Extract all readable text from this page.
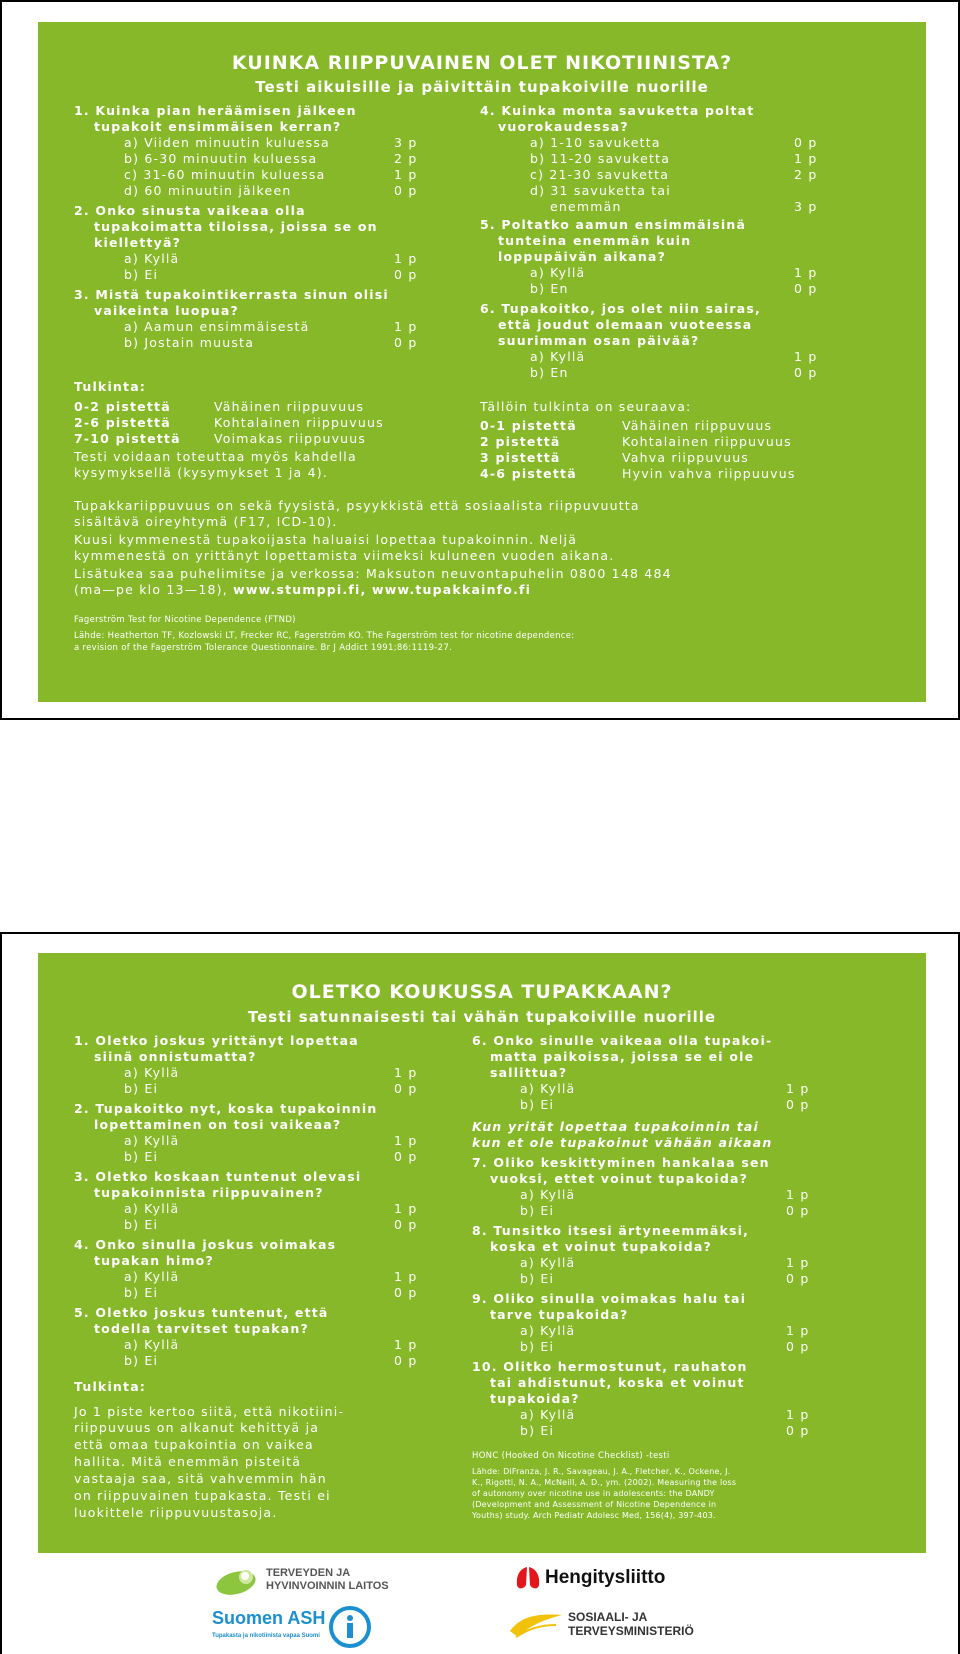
KUINKA RIIPPUVAINEN OLET NIKOTIINISTA?
Testi aikuisille ja päivittäin tupakoiville nuorille
1. Kuinka pian heräämisen jälkeen
tupakoit ensimmäisen kerran?
a) Viiden minuutin kuluessa	3 p
b) 6-30 minuutin kuluessa	2 p
c) 31-60 minuutin kuluessa	1 p
d) 60 minuutin jälkeen	0 p
2. Onko sinusta vaikeaa olla
tupakoimatta tiloissa, joissa se on
kiellettyä?
a) Kyllä	1 p
b) Ei	0 p
3. Mistä tupakointikerrasta sinun olisi
vaikeinta luopua?
a) Aamun ensimmäisestä	1 p
b) Jostain muusta	0 p
4. Kuinka monta savuketta poltat
vuorokaudessa?
a) 1-10 savuketta	0 p
b) 11-20 savuketta	1 p
c) 21-30 savuketta	2 p
d) 31 savuketta tai
enemmän	3 p
5. Poltatko aamun ensimmäisinä
tunteina enemmän kuin
loppupäivän aikana?
a) Kyllä	1 p
b) En	0 p
6. Tupakoitko, jos olet niin sairas,
että joudut olemaan vuoteessa
suurimman osan päivää?
a) Kyllä	1 p
b) En	0 p
Tulkinta:
0-2 pistettä	Vähäinen riippuvuus
2-6 pistettä	Kohtalainen riippuvuus
7-10 pistettä	Voimakas riippuvuus
Testi voidaan toteuttaa myös kahdella
kysymyksellä (kysymykset 1 ja 4).
Tällöin tulkinta on seuraava:
0-1 pistettä	Vähäinen riippuvuus
2 pistettä	Kohtalainen riippuvuus
3 pistettä	Vahva riippuvuus
4-6 pistettä	Hyvin vahva riippuuvus
Tupakkariippuvuus on sekä fyysistä, psyykkistä että sosiaalista riippuvuutta
sisältävä oireyhtymä (F17, ICD-10).
Kuusi kymmenestä tupakoijasta haluaisi lopettaa tupakoinnin. Neljä
kymmenestä on yrittänyt lopettamista viimeksi kuluneen vuoden aikana.
Lisätukea saa puhelimitse ja verkossa: Maksuton neuvontapuhelin 0800 148 484
(ma—pe klo 13—18), www.stumppi.fi, www.tupakkainfo.fi
Fagerström Test for Nicotine Dependence (FTND)
Lähde: Heatherton TF, Kozlowski LT, Frecker RC, Fagerström KO. The Fagerström test for nicotine dependence:
a revision of the Fagerström Tolerance Questionnaire. Br J Addict 1991;86:1119-27.
OLETKO KOUKUSSA TUPAKKAAN?
Testi satunnaisesti tai vähän tupakoiville nuorille
1. Oletko joskus yrittänyt lopettaa
siinä onnistumatta?
a) Kyllä	1 p
b) Ei	0 p
2. Tupakoitko nyt, koska tupakoinnin
lopettaminen on tosi vaikeaa?
a) Kyllä	1 p
b) Ei	0 p
3. Oletko koskaan tuntenut olevasi
tupakoinnista riippuvainen?
a) Kyllä	1 p
b) Ei	0 p
4. Onko sinulla joskus voimakas
tupakan himo?
a) Kyllä	1 p
b) Ei	0 p
5. Oletko joskus tuntenut, että
todella tarvitset tupakan?
a) Kyllä	1 p
b) Ei	0 p
Tulkinta:
Jo 1 piste kertoo siitä, että nikotiini-
riippuvuus on alkanut kehittyä ja
että omaa tupakointia on vaikea
hallita. Mitä enemmän pisteitä
vastaaja saa, sitä vahvemmin hän
on riippuvainen tupakasta. Testi ei
luokittele riippuvuustasoja.
6. Onko sinulle vaikeaa olla tupakoi-
matta paikoissa, joissa se ei ole
sallittua?
a) Kyllä	1 p
b) Ei	0 p
Kun yrität lopettaa tupakoinnin tai
kun et ole tupakoinut vähään aikaan
7. Oliko keskittyminen hankalaa sen
vuoksi, ettet voinut tupakoida?
a) Kyllä	1 p
b) Ei	0 p
8. Tunsitko itsesi ärtyneemmäksi,
koska et voinut tupakoida?
a) Kyllä	1 p
b) Ei	0 p
9. Oliko sinulla voimakas halu tai
tarve tupakoida?
a) Kyllä	1 p
b) Ei	0 p
10. Olitko hermostunut, rauhaton
tai ahdistunut, koska et voinut
tupakoida?
a) Kyllä	1 p
b) Ei	0 p
HONC (Hooked On Nicotine Checklist) -testi
Lähde: DiFranza, J. R., Savageau, J. A., Fletcher, K., Ockene, J.
K., Rigotti, N. A., McNeill, A. D., ym. (2002). Measuring the loss
of autonomy over nicotine use in adolescents: the DANDY
(Development and Assessment of Nicotine Dependence in
Youths) study. Arch Pediatr Adolesc Med, 156(4), 397-403.
TERVEYDEN JA
HYVINVOINNIN LAITOS	Hengitysliitto
Suomen ASH
Tupakasta ja nikotiinista vapaa Suomi
SOSIAALI- JA
TERVEYSMINISTERIÖ
